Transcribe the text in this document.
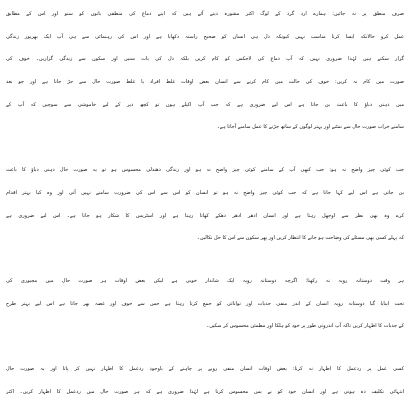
صرف منطق پر نہ جائیں: ہمارے ارد گرد کے لوگ اکثر مشورہ دیتے آئے ہیں کہ اپنے دماغ کی منطقی باتوں کو سنو اور اس کے مطابق
عمل کرو حالانکہ ایسا کرنا مناسب نہیں کیونکہ دل ہی انسان کو صحیح راستہ دکھاتا ہے اور اس کی رہنمائی سے ہی آپ ایک بھرپور زندگی
گزار سکتے ہیں لہٰذا ضروری نہیں کہ آپ دماغ کی لاجکس کو کام کریں بلکہ دل کی بات سنیں اور سکون سے زندگی گزاریں۔ خوف کی
صورت میں کام نہ کریں: خوف کی حالت میں کام کرنے سے انسان بعض اوقات غلط افراد یا غلط صورت حال سے جڑ جاتا ہے اور جو بعد
میں ذہنی دباؤ کا باعث بن جاتا ہے اس لیے ضروری ہے کہ جب آپ اکیلے ہوں تو کچھ دیر کے لیے خاموشی سے سوچیں کہ آپ کے
سامنے خراب صورت حال سے نمٹنے اور بہتر لوگوں کے ساتھ جڑنے کا عمل سامنے آجاتا ہے۔
جب کوئی چیز واضح نہ ہو: جب کبھی آپ کے سامنے کوئی چیز واضح نہ ہو اور زندگی دھندلی محسوس ہو تو یہ صورت حال ذہنی دباؤ کا باعث
بن جاتی ہے اس لیے کہا جاتا ہے کہ جب کوئی چیز واضح نہ ہو تو انسان کو اس سے اس کی ضرورت سامنے نہیں آتی اور وہ کیا بہتر اقدام
کرے وہ بھی نظر سے اوجھل رہتا ہے اور انسان ادھر ادھر دھکے کھاتا رہتا ہے اور اسٹریس کا شکار ہو جاتا ہے۔ اس لیے ضروری ہے
کہ پہلے کسی بھی مسئلے کی وضاحت ہو جانے کا انتظار کریں اور پھر سکون سے اس کا حل نکالیں۔
ہر وقت دوستانہ رویہ نہ رکھنا: اگرچہ دوستانہ رویہ ایک شاندار خوبی ہے لیکن بعض اوقات ہر صورت حال میں مجبوری کی
تحت اپنایا گیا دوستانہ رویہ انسان کے اندر منفی جذبات اور توانائی کو جمع کرتا رہتا ہے جس سے خوف اور غصہ بھر جاتا ہے اس لیے بہتر طرح
کے جذبات کا اظہار کریں تاکہ آپ اندرونی طور پر خود کو ہلکا اور مطمئن محسوس کر سکیں۔
کسی عمل پر ردعمل کا اظہار نہ کرنا: بعض اوقات انسان منفی رویے پر چاہنے کے باوجود ردعمل کا اظہار نہیں کر پاتا اور یہ صورت حال
انتہائی تکلیف دہ ہوتی ہے اور انسان خود کو بے بس محسوس کرتا ہے لہٰذا ضروری ہے کہ ہر صورت حال میں ردعمل کا اظہار کریں۔ اکثر
